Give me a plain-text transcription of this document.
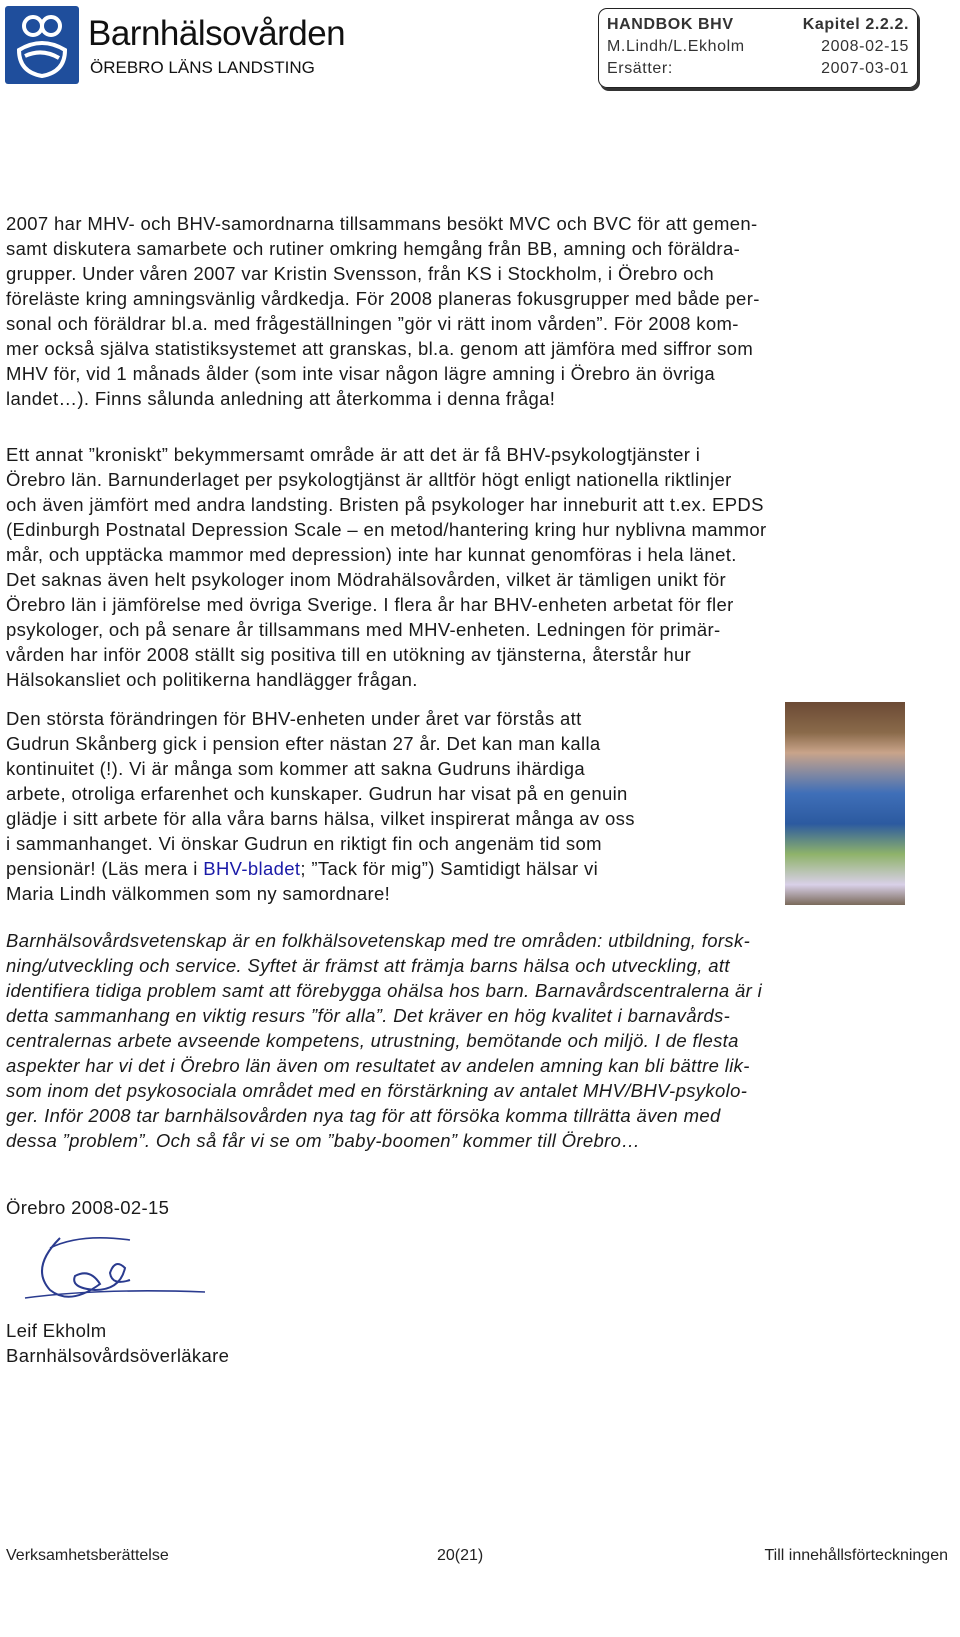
Barnhälsovården
ÖREBRO LÄNS LANDSTING
HANDBOK BHV	Kapitel 2.2.2.
M.Lindh/L.Ekholm	2008-02-15
Ersätter:	2007-03-01
2007 har MHV- och BHV-samordnarna tillsammans besökt MVC och BVC för att gemen-
samt diskutera samarbete och rutiner omkring hemgång från BB, amning och föräldra-
grupper. Under våren 2007 var Kristin Svensson, från KS i Stockholm, i Örebro och
föreläste kring amningsvänlig vårdkedja. För 2008 planeras fokusgrupper med både per-
sonal och föräldrar bl.a. med frågeställningen ”gör vi rätt inom vården”. För 2008 kom-
mer också själva statistiksystemet att granskas, bl.a. genom att jämföra med siffror som
MHV för, vid 1 månads ålder (som inte visar någon lägre amning i Örebro än övriga
landet…). Finns sålunda anledning att återkomma i denna fråga!
Ett annat ”kroniskt” bekymmersamt område är att det är få BHV-psykologtjänster i
Örebro län. Barnunderlaget per psykologtjänst är alltför högt enligt nationella riktlinjer
och även jämfört med andra landsting. Bristen på psykologer har inneburit att t.ex. EPDS
(Edinburgh Postnatal Depression Scale – en metod/hantering kring hur nyblivna mammor
mår, och upptäcka mammor med depression) inte har kunnat genomföras i hela länet.
Det saknas även helt psykologer inom Mödrahälsovården, vilket är tämligen unikt för
Örebro län i jämförelse med övriga Sverige. I flera år har BHV-enheten arbetat för fler
psykologer, och på senare år tillsammans med MHV-enheten. Ledningen för primär-
vården har inför 2008 ställt sig positiva till en utökning av tjänsterna, återstår hur
Hälsokansliet och politikerna handlägger frågan.
Den största förändringen för BHV-enheten under året var förstås att
Gudrun Skånberg gick i pension efter nästan 27 år. Det kan man kalla
kontinuitet (!). Vi är många som kommer att sakna Gudruns ihärdiga
arbete, otroliga erfarenhet och kunskaper. Gudrun har visat på en genuin
glädje i sitt arbete för alla våra barns hälsa, vilket inspirerat många av oss
i sammanhanget. Vi önskar Gudrun en riktigt fin och angenäm tid som
pensionär! (Läs mera i BHV-bladet; ”Tack för mig”) Samtidigt hälsar vi
Maria Lindh välkommen som ny samordnare!
Barnhälsovårdsvetenskap är en folkhälsovetenskap med tre områden: utbildning, forsk-
ning/utveckling och service. Syftet är främst att främja barns hälsa och utveckling, att
identifiera tidiga problem samt att förebygga ohälsa hos barn. Barnavårdscentralerna är i
detta sammanhang en viktig resurs ”för alla”. Det kräver en hög kvalitet i barnavårds-
centralernas arbete avseende kompetens, utrustning, bemötande och miljö. I de flesta
aspekter har vi det i Örebro län även om resultatet av andelen amning kan bli bättre lik-
som inom det psykosociala området med en förstärkning av antalet MHV/BHV-psykolo-
ger. Inför 2008 tar barnhälsovården nya tag för att försöka komma tillrätta även med
dessa ”problem”. Och så får vi se om ”baby-boomen” kommer till Örebro…
Örebro 2008-02-15
Leif Ekholm
Barnhälsovårdsöverläkare
Verksamhetsberättelse	20(21)	Till innehållsförteckningen
